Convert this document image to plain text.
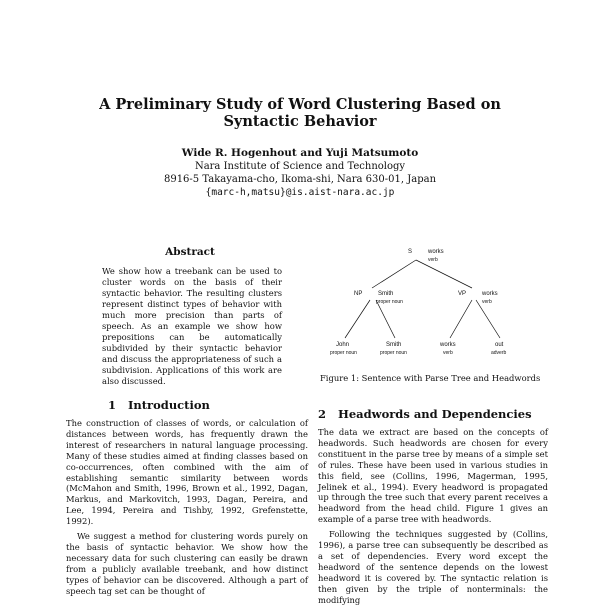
A Preliminary Study of Word Clustering Based on Syntactic Behavior
Wide R. Hogenhout and Yuji Matsumoto
Nara Institute of Science and Technology
8916-5 Takayama-cho, Ikoma-shi, Nara 630-01, Japan
{marc-h,matsu}@is.aist-nara.ac.jp
Abstract
We show how a treebank can be used to cluster words on the basis of their syntactic behavior. The resulting clusters represent distinct types of behavior with much more precision than parts of speech. As an example we show how prepositions can be automatically subdivided by their syntactic behavior and discuss the appropriateness of such a subdivision. Applications of this work are also discussed.
S	works
verb
NP	Smith
proper noun
VP	works
verb
John
proper noun
Smith
proper noun
works
verb
out
adverb
Figure 1: Sentence with Parse Tree and Headwords
1 Introduction

The construction of classes of words, or calculation of distances between words, has frequently drawn the interest of researchers in natural language processing. Many of these studies aimed at finding classes based on co-occurrences, often combined with the aim of establishing semantic similarity between words (McMahon and Smith, 1996, Brown et al., 1992, Dagan, Markus, and Markovitch, 1993, Dagan, Pereira, and Lee, 1994, Pereira and Tishby, 1992, Grefenstette, 1992).

We suggest a method for clustering words purely on the basis of syntactic behavior. We show how the necessary data for such clustering can easily be drawn from a publicly available treebank, and how distinct types of behavior can be discovered. Although a part of speech tag set can be thought of

2 Headwords and Dependencies

The data we extract are based on the concepts of headwords. Such headwords are chosen for every constituent in the parse tree by means of a simple set of rules. These have been used in various studies in this field, see (Collins, 1996, Magerman, 1995, Jelinek et al., 1994). Every headword is propagated up through the tree such that every parent receives a headword from the head child. Figure 1 gives an example of a parse tree with headwords.

Following the techniques suggested by (Collins, 1996), a parse tree can subsequently be described as a set of dependencies. Every word except the headword of the sentence depends on the lowest headword it is covered by. The syntactic relation is then given by the triple of nonterminals: the modifying
